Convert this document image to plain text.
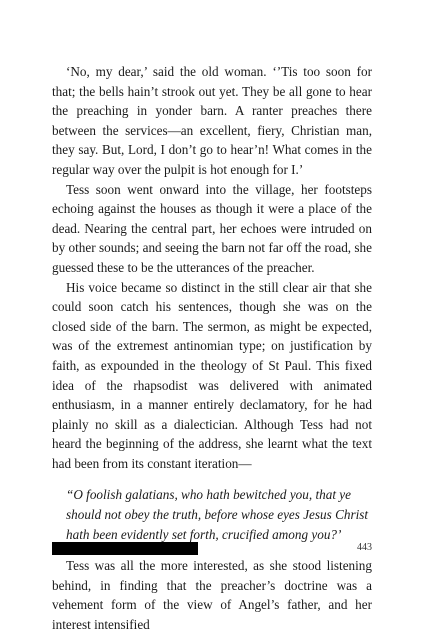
‘No, my dear,’ said the old woman. ‘’Tis too soon for that; the bells hain’t strook out yet. They be all gone to hear the preaching in yonder barn. A ranter preaches there between the services—an excellent, fiery, Christian man, they say. But, Lord, I don’t go to hear’n! What comes in the regular way over the pulpit is hot enough for I.’

Tess soon went onward into the village, her footsteps echoing against the houses as though it were a place of the dead. Nearing the central part, her echoes were intruded on by other sounds; and seeing the barn not far off the road, she guessed these to be the utterances of the preacher.

His voice became so distinct in the still clear air that she could soon catch his sentences, though she was on the closed side of the barn. The sermon, as might be expected, was of the extremest antinomian type; on justification by faith, as expounded in the theology of St Paul. This fixed idea of the rhapsodist was delivered with animated enthusiasm, in a manner entirely declamatory, for he had plainly no skill as a dialectician. Although Tess had not heard the beginning of the address, she learnt what the text had been from its constant iteration—

“O foolish galatians, who hath bewitched you, that ye
should not obey the truth, before whose eyes Jesus Christ
hath been evidently set forth, crucified among you?’

Tess was all the more interested, as she stood listening behind, in finding that the preacher’s doctrine was a vehement form of the view of Angel’s father, and her interest intensified

443
